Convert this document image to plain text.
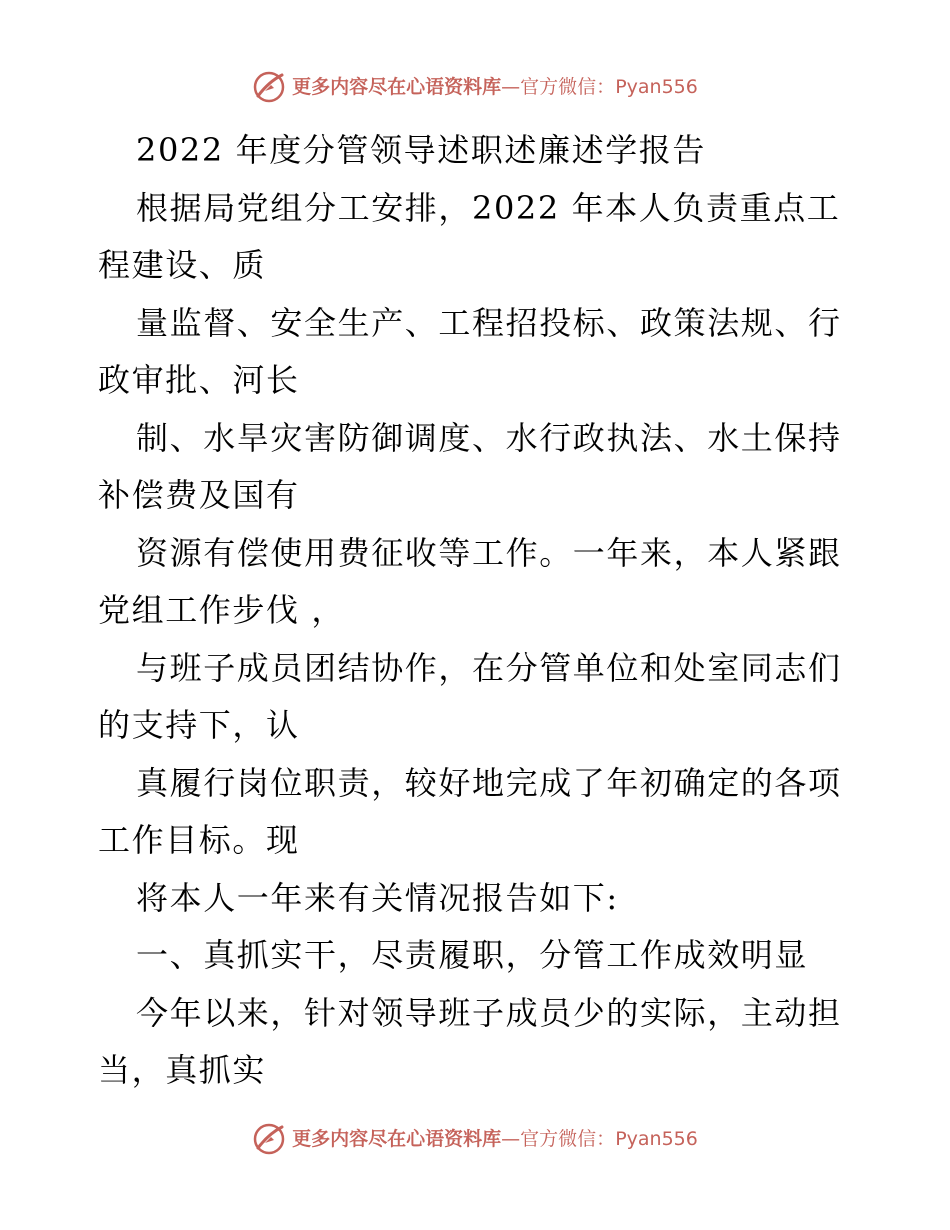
更多内容尽在心语资料库—官方微信：Pyan556

2022 年度分管领导述职述廉述学报告

根据局党组分工安排，2022 年本人负责重点工程建设、质

量监督、安全生产、工程招投标、政策法规、行政审批、河长

制、水旱灾害防御调度、水行政执法、水土保持补偿费及国有

资源有偿使用费征收等工作。一年来，本人紧跟党组工作步伐 ，

与班子成员团结协作，在分管单位和处室同志们的支持下，认

真履行岗位职责，较好地完成了年初确定的各项工作目标。现

将本人一年来有关情况报告如下:

一、真抓实干，尽责履职，分管工作成效明显

今年以来，针对领导班子成员少的实际，主动担当，真抓实

更多内容尽在心语资料库—官方微信：Pyan556
